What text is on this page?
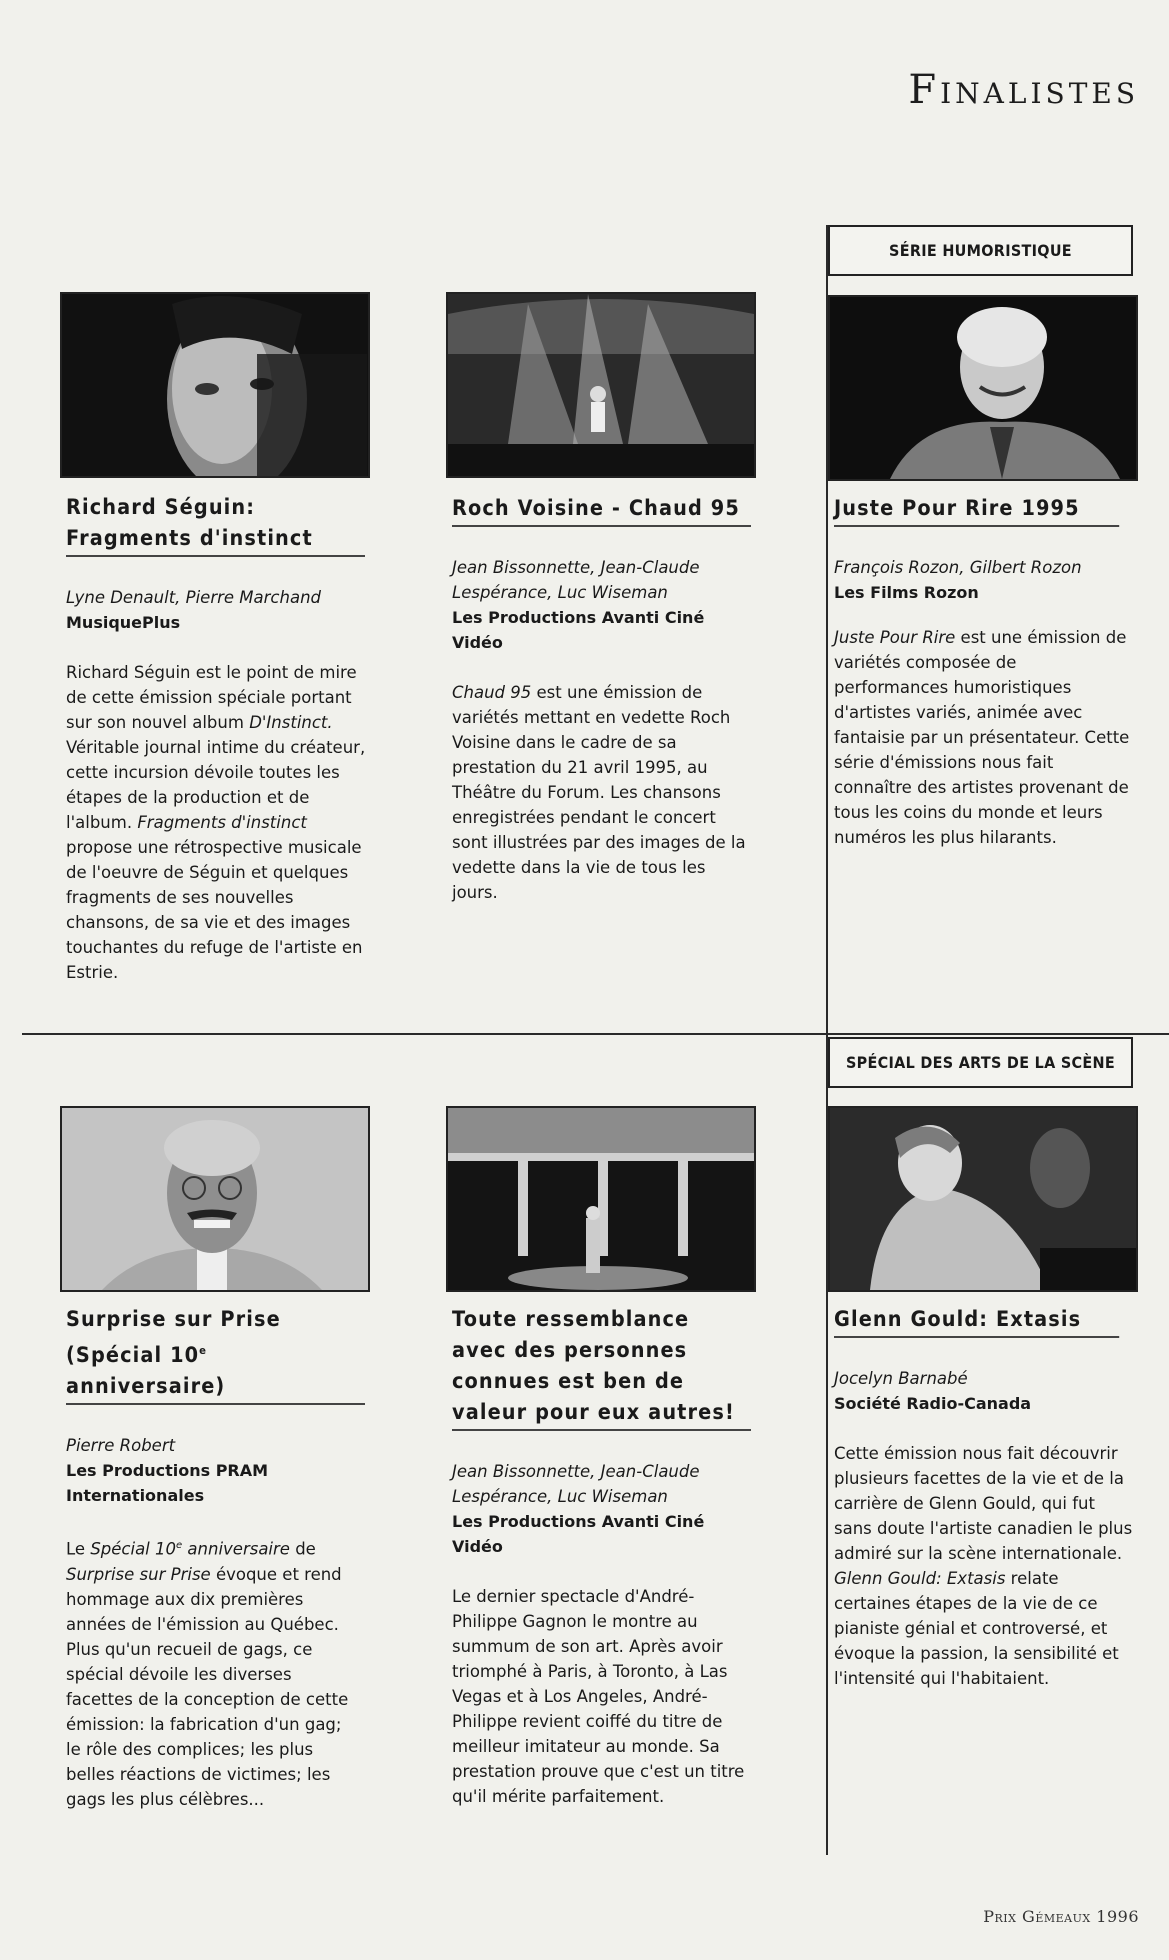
Finalistes
SÉRIE HUMORISTIQUE
SPÉCIAL DES ARTS DE LA SCÈNE
Richard Séguin:
Fragments d'instinct
Lyne Denault, Pierre Marchand
MusiquePlus
Richard Séguin est le point de mire de cette émission spéciale portant sur son nouvel album D'Instinct. Véritable journal intime du créateur, cette incursion dévoile toutes les étapes de la production et de l'album. Fragments d'instinct propose une rétrospective musicale de l'oeuvre de Séguin et quelques fragments de ses nouvelles chansons, de sa vie et des images touchantes du refuge de l'artiste en Estrie.
Roch Voisine - Chaud 95
Jean Bissonnette, Jean-Claude Lespérance, Luc Wiseman
Les Productions Avanti Ciné Vidéo
Chaud 95 est une émission de variétés mettant en vedette Roch Voisine dans le cadre de sa prestation du 21 avril 1995, au Théâtre du Forum. Les chansons enregistrées pendant le concert sont illustrées par des images de la vedette dans la vie de tous les jours.
Juste Pour Rire 1995
François Rozon, Gilbert Rozon
Les Films Rozon
Juste Pour Rire est une émission de variétés composée de performances humoristiques d'artistes variés, animée avec fantaisie par un présentateur. Cette série d'émissions nous fait connaître des artistes provenant de tous les coins du monde et leurs numéros les plus hilarants.
Surprise sur Prise
(Spécial 10e anniversaire)
Pierre Robert
Les Productions PRAM Internationales
Le Spécial 10e anniversaire de Surprise sur Prise évoque et rend hommage aux dix premières années de l'émission au Québec. Plus qu'un recueil de gags, ce spécial dévoile les diverses facettes de la conception de cette émission: la fabrication d'un gag; le rôle des complices; les plus belles réactions de victimes; les gags les plus célèbres...
Toute ressemblance avec des personnes connues est ben de valeur pour eux autres!
Jean Bissonnette, Jean-Claude Lespérance, Luc Wiseman
Les Productions Avanti Ciné Vidéo
Le dernier spectacle d'André-Philippe Gagnon le montre au summum de son art. Après avoir triomphé à Paris, à Toronto, à Las Vegas et à Los Angeles, André-Philippe revient coiffé du titre de meilleur imitateur au monde. Sa prestation prouve que c'est un titre qu'il mérite parfaitement.
Glenn Gould: Extasis
Jocelyn Barnabé
Société Radio-Canada
Cette émission nous fait découvrir plusieurs facettes de la vie et de la carrière de Glenn Gould, qui fut sans doute l'artiste canadien le plus admiré sur la scène internationale. Glenn Gould: Extasis relate certaines étapes de la vie de ce pianiste génial et controversé, et évoque la passion, la sensibilité et l'intensité qui l'habitaient.
Prix Gémeaux 1996
